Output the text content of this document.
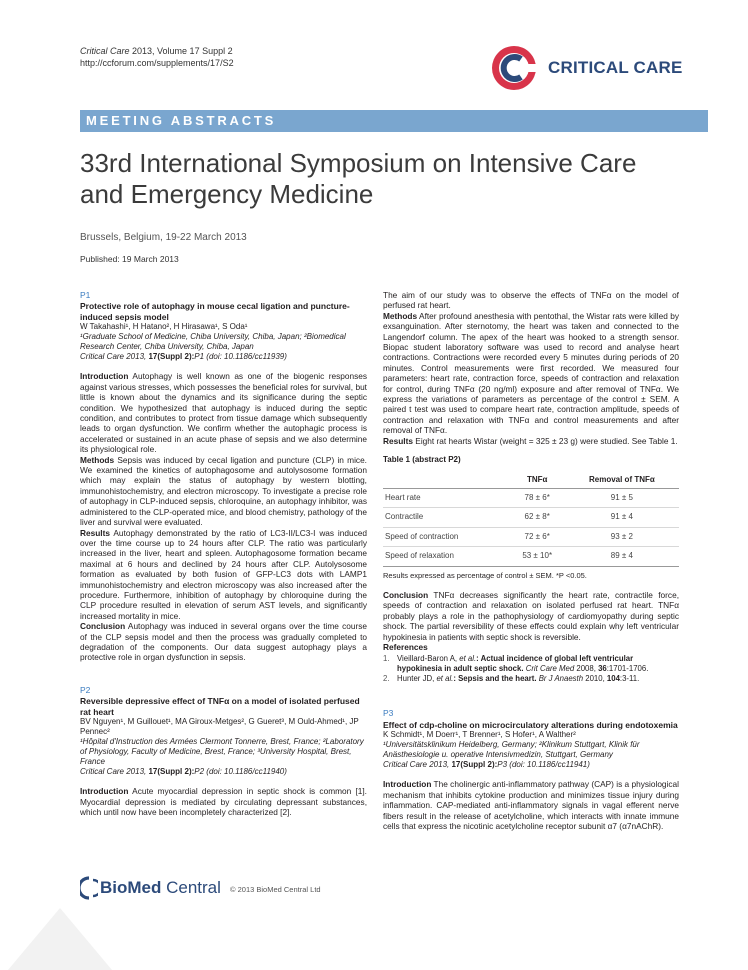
Critical Care 2013, Volume 17 Suppl 2
http://ccforum.com/supplements/17/S2	CRITICAL CARE
MEETING ABSTRACTS
33rd International Symposium on Intensive Care and Emergency Medicine
Brussels, Belgium, 19-22 March 2013
Published: 19 March 2013
P1
Protective role of autophagy in mouse cecal ligation and puncture-induced sepsis model
W Takahashi¹, H Hatano², H Hirasawa¹, S Oda¹
¹Graduate School of Medicine, Chiba University, Chiba, Japan; ²Biomedical Research Center, Chiba University, Chiba, Japan
Critical Care 2013, 17(Suppl 2):P1 (doi: 10.1186/cc11939)

Introduction Autophagy is well known as one of the biogenic responses against various stresses, which possesses the beneficial roles for survival, but little is known about the dynamics and its significance during the septic condition. We hypothesized that autophagy is induced during the septic condition, and contributes to protect from tissue damage which subsequently leads to organ dysfunction. We confirm whether the autophagic process is accelerated or sustained in an acute phase of sepsis and we also determine its physiological role.

Methods Sepsis was induced by cecal ligation and puncture (CLP) in mice. We examined the kinetics of autophagosome and autolysosome formation which may explain the status of autophagy by western blotting, immunohistochemistry, and electron microscopy. To investigate a precise role of autophagy in CLP-induced sepsis, chloroquine, an autophagy inhibitor, was administered to the CLP-operated mice, and blood chemistry, pathology of the liver and survival were evaluated.

Results Autophagy demonstrated by the ratio of LC3-II/LC3-I was induced over the time course up to 24 hours after CLP. The ratio was particularly increased in the liver, heart and spleen. Autophagosome formation became maximal at 6 hours and declined by 24 hours after CLP. Autolysosome formation as evaluated by both fusion of GFP-LC3 dots with LAMP1 immunohistochemistry and electron microscopy was also increased after the procedure. Furthermore, inhibition of autophagy by chloroquine during the CLP procedure resulted in elevation of serum AST levels, and significantly increased mortality in mice.

Conclusion Autophagy was induced in several organs over the time course of the CLP sepsis model and then the process was gradually completed to degradation of the components. Our data suggest autophagy plays a protective role in organ dysfunction in sepsis.

P2
Reversible depressive effect of TNFα on a model of isolated perfused rat heart
BV Nguyen¹, M Guillouet¹, MA Giroux-Metges², G Gueret³, M Ould-Ahmed¹, JP Pennec²
¹Hôpital d'Instruction des Armées Clermont Tonnerre, Brest, France; ²Laboratory of Physiology, Faculty of Medicine, Brest, France; ³University Hospital, Brest, France
Critical Care 2013, 17(Suppl 2):P2 (doi: 10.1186/cc11940)

Introduction Acute myocardial depression in septic shock is common [1]. Myocardial depression is mediated by circulating depressant substances, which until now have been incompletely characterized [2].

The aim of our study was to observe the effects of TNFα on the model of perfused rat heart.

Methods After profound anesthesia with pentothal, the Wistar rats were killed by exsanguination. After sternotomy, the heart was taken and connected to the Langendorf column. The apex of the heart was hooked to a strength sensor. Biopac student laboratory software was used to record and analyse heart contractions. Contractions were recorded every 5 minutes during periods of 20 minutes. Control measurements were first recorded. We measured four parameters: heart rate, contraction force, speeds of contraction and relaxation for control, during TNFα (20 ng/ml) exposure and after removal of TNFα. We express the variations of parameters as percentage of the control ± SEM. A paired t test was used to compare heart rate, contraction amplitude, speeds of contraction and relaxation with TNFα and control measurements and after removal of TNFα.

Results Eight rat hearts Wistar (weight = 325 ± 23 g) were studied. See Table 1.

Table 1 (abstract P2)
	TNFα	Removal of TNFα
Heart rate	78 ± 6*	91 ± 5
Contractile	62 ± 8*	91 ± 4
Speed of contraction	72 ± 6*	93 ± 2
Speed of relaxation	53 ± 10*	89 ± 4
Results expressed as percentage of control ± SEM. *P <0.05.

Conclusion TNFα decreases significantly the heart rate, contractile force, speeds of contraction and relaxation on isolated perfused rat heart. TNFα probably plays a role in the pathophysiology of cardiomyopathy during septic shock. The partial reversibility of these effects could explain why left ventricular hypokinesia in patients with septic shock is reversible.

References
1. Vieillard-Baron A, et al.: Actual incidence of global left ventricular hypokinesia in adult septic shock. Crit Care Med 2008, 36:1701-1706.
2. Hunter JD, et al.: Sepsis and the heart. Br J Anaesth 2010, 104:3-11.
P3
Effect of cdp-choline on microcirculatory alterations during endotoxemia
K Schmidt¹, M Doerr¹, T Brenner¹, S Hofer¹, A Walther²
¹Universitätsklinikum Heidelberg, Germany; ²Klinikum Stuttgart, Klinik für Anästhesiologie u. operative Intensivmedizin, Stuttgart, Germany
Critical Care 2013, 17(Suppl 2):P3 (doi: 10.1186/cc11941)

Introduction The cholinergic anti-inflammatory pathway (CAP) is a physiological mechanism that inhibits cytokine production and minimizes tissue injury during inflammation. CAP-mediated anti-inflammatory signals in vagal efferent nerve fibers result in the release of acetylcholine, which interacts with innate immune cells that express the nicotinic acetylcholine receptor subunit α7 (α7nAChR).

BioMed Central © 2013 BioMed Central Ltd
